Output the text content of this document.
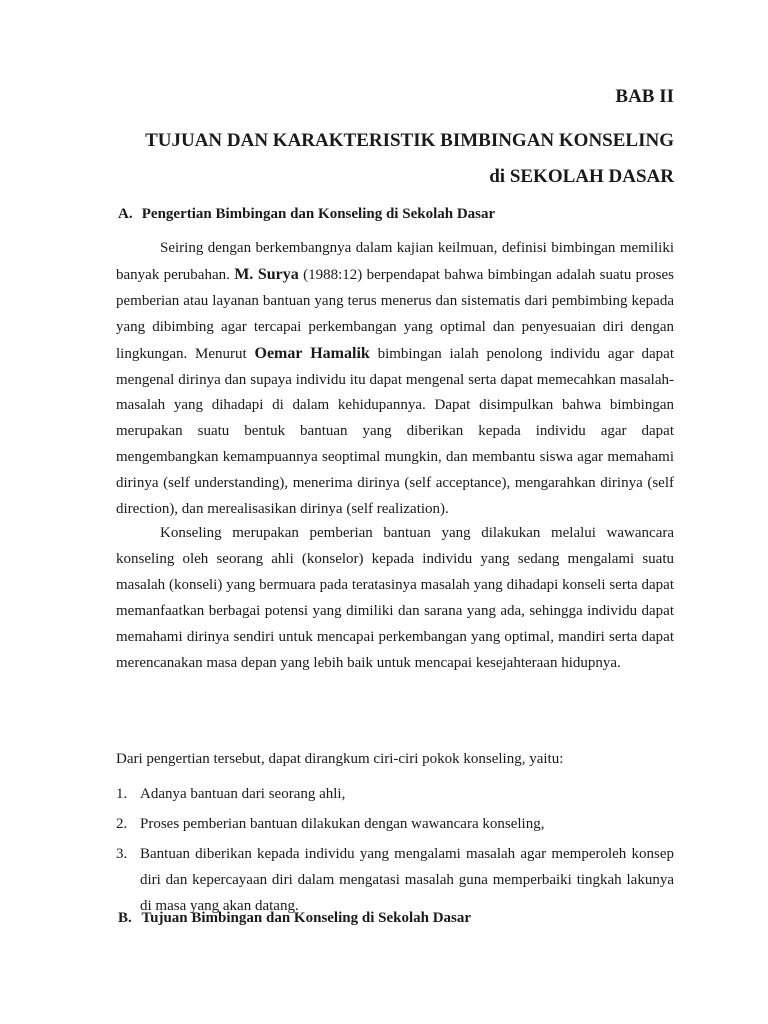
BAB II
TUJUAN DAN KARAKTERISTIK BIMBINGAN KONSELING
di SEKOLAH DASAR
A. Pengertian Bimbingan dan Konseling di Sekolah Dasar

Seiring dengan berkembangnya dalam kajian keilmuan, definisi bimbingan memiliki banyak perubahan. M. Surya (1988:12) berpendapat bahwa bimbingan adalah suatu proses pemberian atau layanan bantuan yang terus menerus dan sistematis dari pembimbing kepada yang dibimbing agar tercapai perkembangan yang optimal dan penyesuaian diri dengan lingkungan. Menurut Oemar Hamalik bimbingan ialah penolong individu agar dapat mengenal dirinya dan supaya individu itu dapat mengenal serta dapat memecahkan masalah-masalah yang dihadapi di dalam kehidupannya. Dapat disimpulkan bahwa bimbingan merupakan suatu bentuk bantuan yang diberikan kepada individu agar dapat mengembangkan kemampuannya seoptimal mungkin, dan membantu siswa agar memahami dirinya (self understanding), menerima dirinya (self acceptance), mengarahkan dirinya (self direction), dan merealisasikan dirinya (self realization).

Konseling merupakan pemberian bantuan yang dilakukan melalui wawancara konseling oleh seorang ahli (konselor) kepada individu yang sedang mengalami suatu masalah (konseli) yang bermuara pada teratasinya masalah yang dihadapi konseli serta dapat memanfaatkan berbagai potensi yang dimiliki dan sarana yang ada, sehingga individu dapat memahami dirinya sendiri untuk mencapai perkembangan yang optimal, mandiri serta dapat merencanakan masa depan yang lebih baik untuk mencapai kesejahteraan hidupnya.

Dari pengertian tersebut, dapat dirangkum ciri-ciri pokok konseling, yaitu:

1. Adanya bantuan dari seorang ahli,
2. Proses pemberian bantuan dilakukan dengan wawancara konseling,
3. Bantuan diberikan kepada individu yang mengalami masalah agar memperoleh konsep diri dan kepercayaan diri dalam mengatasi masalah guna memperbaiki tingkah lakunya di masa yang akan datang.
B. Tujuan Bimbingan dan Konseling di Sekolah Dasar
